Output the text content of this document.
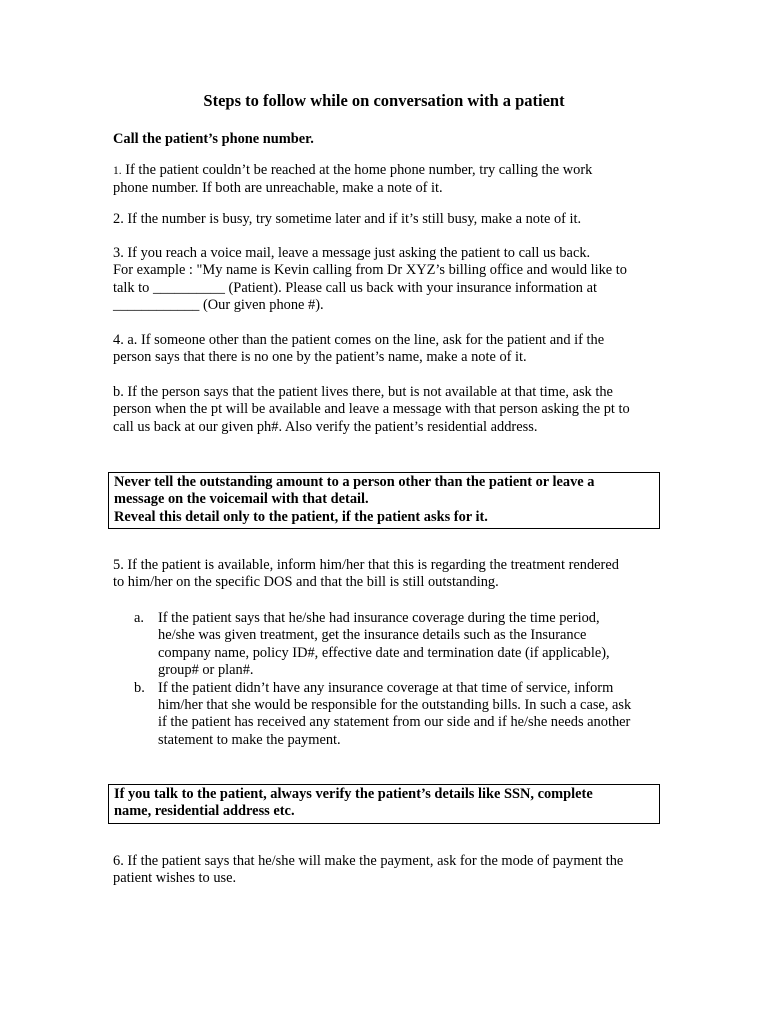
Steps to follow while on conversation with a patient
Call the patient’s phone number.
1. If the patient couldn’t be reached at the home phone number, try calling the work
phone number. If both are unreachable, make a note of it.
2. If the number is busy, try sometime later and if it’s still busy, make a note of it.
3. If you reach a voice mail, leave a message just asking the patient to call us back.
For example : "My name is Kevin calling from Dr XYZ’s billing office and would like to
talk to __________ (Patient). Please call us back with your insurance information at
____________ (Our given phone #).
4. a. If someone other than the patient comes on the line, ask for the patient and if the
person says that there is no one by the patient’s name, make a note of it.
b. If the person says that the patient lives there, but is not available at that time, ask the
person when the pt will be available and leave a message with that person asking the pt to
call us back at our given ph#. Also verify the patient’s residential address.
Never tell the outstanding amount to a person other than the patient or leave a
message on the voicemail with that detail.
Reveal this detail only to the patient, if the patient asks for it.
5. If the patient is available, inform him/her that this is regarding the treatment rendered
to him/her on the specific DOS and that the bill is still outstanding.
a. If the patient says that he/she had insurance coverage during the time period,
he/she was given treatment, get the insurance details such as the Insurance
company name, policy ID#, effective date and termination date (if applicable),
group# or plan#.
b. If the patient didn’t have any insurance coverage at that time of service, inform
him/her that she would be responsible for the outstanding bills. In such a case, ask
if the patient has received any statement from our side and if he/she needs another
statement to make the payment.
If you talk to the patient, always verify the patient’s details like SSN, complete
name, residential address etc.
6. If the patient says that he/she will make the payment, ask for the mode of payment the
patient wishes to use.
